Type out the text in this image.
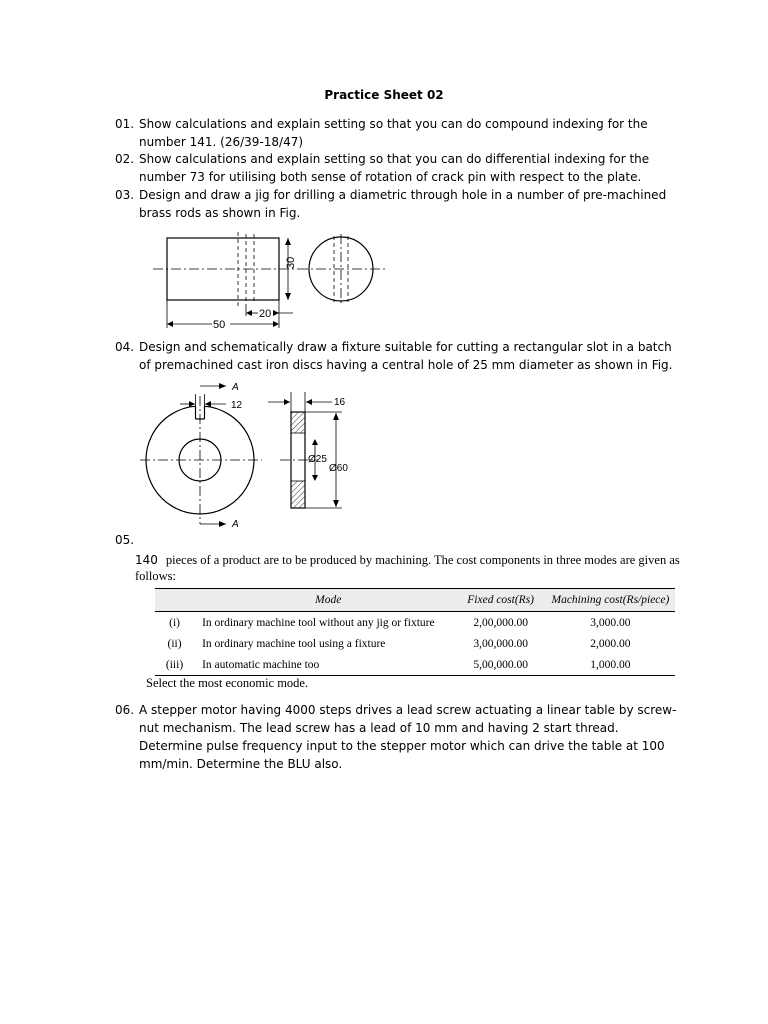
Practice Sheet 02
01. Show calculations and explain setting so that you can do compound indexing for the number 141. (26/39-18/47)
02. Show calculations and explain setting so that you can do differential indexing for the number 73 for utilising both sense of rotation of crack pin with respect to the plate.
03. Design and draw a jig for drilling a diametric through hole in a number of pre-machined brass rods as shown in Fig.
30
20
50
04. Design and schematically draw a fixture suitable for cutting a rectangular slot in a batch of premachined cast iron discs having a central hole of 25 mm diameter as shown in Fig.
A
A
12	16
Ø25
Ø60
05.
140 pieces of a product are to be produced by machining. The cost components in three modes are given as follows:
	Mode	Fixed cost(Rs)	Machining cost(Rs/piece)
(i)	In ordinary machine tool without any jig or fixture	2,00,000.00	3,000.00
(ii)	In ordinary machine tool using a fixture	3,00,000.00	2,000.00
(iii)	In automatic machine too	5,00,000.00	1,000.00
Select the most economic mode.
06. A stepper motor having 4000 steps drives a lead screw actuating a linear table by screw-nut mechanism. The lead screw has a lead of 10 mm and having 2 start thread. Determine pulse frequency input to the stepper motor which can drive the table at 100 mm/min. Determine the BLU also.
